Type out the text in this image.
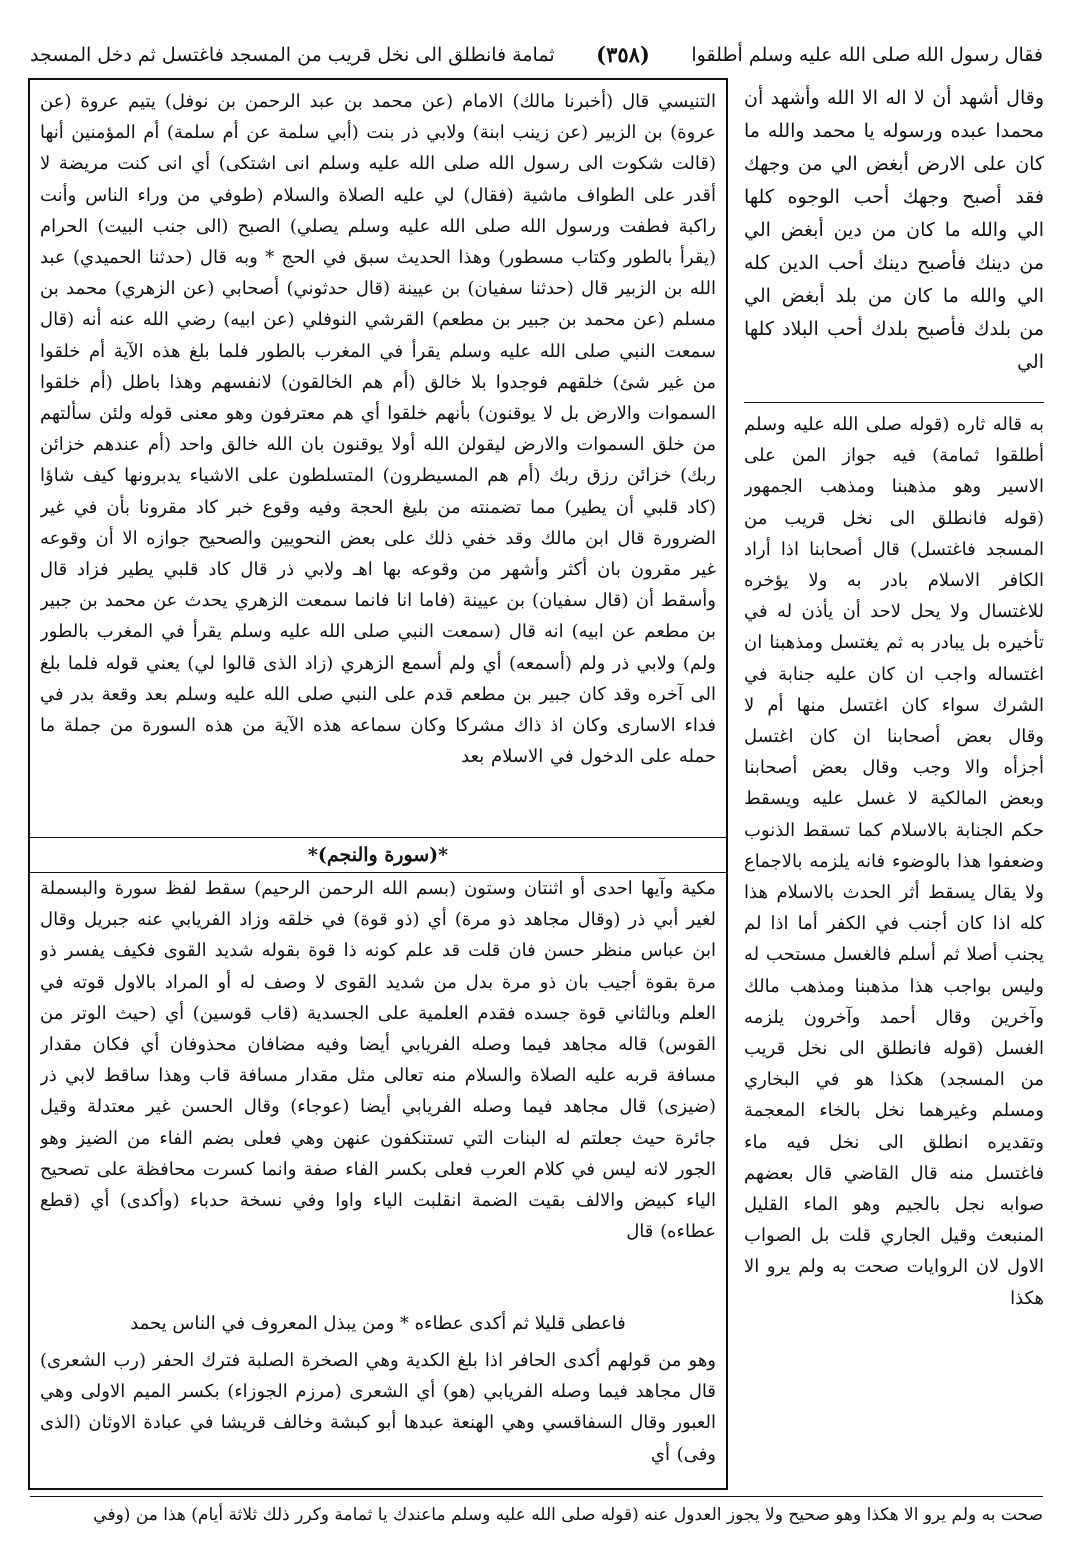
فقال رسول الله صلى الله عليه وسلم أطلقوا
(٣٥٨)
ثمامة فانطلق الى نخل قريب من المسجد فاغتسل ثم دخل المسجد
وقال أشهد أن لا اله الا الله وأشهد أن محمدا عبده ورسوله يا محمد والله ما كان على الارض أبغض الي من وجهك فقد أصبح وجهك أحب الوجوه كلها الي والله ما كان من دين أبغض الي من دينك فأصبح دينك أحب الدين كله الي والله ما كان من بلد أبغض الي من بلدك فأصبح بلدك أحب البلاد كلها الي
به قاله ثاره (قوله صلى الله عليه وسلم أطلقوا ثمامة) فيه جواز المن على الاسير وهو مذهبنا ومذهب الجمهور (قوله فانطلق الى نخل قريب من المسجد فاغتسل) قال أصحابنا اذا أراد الكافر الاسلام بادر به ولا يؤخره للاغتسال ولا يحل لاحد أن يأذن له في تأخيره بل يبادر به ثم يغتسل ومذهبنا ان اغتساله واجب ان كان عليه جنابة في الشرك سواء كان اغتسل منها أم لا وقال بعض أصحابنا ان كان اغتسل أجزأه والا وجب وقال بعض أصحابنا وبعض المالكية لا غسل عليه ويسقط حكم الجنابة بالاسلام كما تسقط الذنوب وضعفوا هذا بالوضوء فانه يلزمه بالاجماع ولا يقال يسقط أثر الحدث بالاسلام هذا كله اذا كان أجنب في الكفر أما اذا لم يجنب أصلا ثم أسلم فالغسل مستحب له وليس بواجب هذا مذهبنا ومذهب مالك وآخرين وقال أحمد وآخرون يلزمه الغسل (قوله فانطلق الى نخل قريب من المسجد) هكذا هو في البخاري ومسلم وغيرهما نخل بالخاء المعجمة وتقديره انطلق الى نخل فيه ماء فاغتسل منه قال القاضي قال بعضهم صوابه نجل بالجيم وهو الماء القليل المنبعث وقيل الجاري قلت بل الصواب الاول لان الروايات صحت به ولم يرو الا هكذا
التنيسي قال (أخبرنا مالك) الامام (عن محمد بن عبد الرحمن بن نوفل) يتيم عروة (عن عروة) بن الزبير (عن زينب ابنة) ولابي ذر بنت (أبي سلمة عن أم سلمة) أم المؤمنين أنها (قالت شكوت الى رسول الله صلى الله عليه وسلم انى اشتكى) أي انى كنت مريضة لا أقدر على الطواف ماشية (فقال) لي عليه الصلاة والسلام (طوفي من وراء الناس وأنت راكبة فطفت ورسول الله صلى الله عليه وسلم يصلي) الصبح (الى جنب البيت) الحرام (يقرأ بالطور وكتاب مسطور) وهذا الحديث سبق في الحج * وبه قال (حدثنا الحميدي) عبد الله بن الزبير قال (حدثنا سفيان) بن عيينة (قال حدثوني) أصحابي (عن الزهري) محمد بن مسلم (عن محمد بن جبير بن مطعم) القرشي النوفلي (عن ابيه) رضي الله عنه أنه (قال سمعت النبي صلى الله عليه وسلم يقرأ في المغرب بالطور فلما بلغ هذه الآية أم خلقوا من غير شئ) خلقهم فوجدوا بلا خالق (أم هم الخالقون) لانفسهم وهذا باطل (أم خلقوا السموات والارض بل لا يوقنون) بأنهم خلقوا أي هم معترفون وهو معنى قوله ولئن سألتهم من خلق السموات والارض ليقولن الله أولا يوقنون بان الله خالق واحد (أم عندهم خزائن ربك) خزائن رزق ربك (أم هم المسيطرون) المتسلطون على الاشياء يدبرونها كيف شاؤا (كاد قلبي أن يطير) مما تضمنته من بليغ الحجة وفيه وقوع خبر كاد مقرونا بأن في غير الضرورة قال ابن مالك وقد خفي ذلك على بعض النحويين والصحيح جوازه الا أن وقوعه غير مقرون بان أكثر وأشهر من وقوعه بها اهـ ولابي ذر قال كاد قلبي يطير فزاد قال وأسقط أن (قال سفيان) بن عيينة (فاما انا فانما سمعت الزهري يحدث عن محمد بن جبير بن مطعم عن ابيه) انه قال (سمعت النبي صلى الله عليه وسلم يقرأ في المغرب بالطور ولم) ولابي ذر ولم (أسمعه) أي ولم أسمع الزهري (زاد الذى قالوا لي) يعني قوله فلما بلغ الى آخره وقد كان جبير بن مطعم قدم على النبي صلى الله عليه وسلم بعد وقعة بدر في فداء الاسارى وكان اذ ذاك مشركا وكان سماعه هذه الآية من هذه السورة من جملة ما حمله على الدخول في الاسلام بعد
*(سورة والنجم)*
مكية وآيها احدى أو اثنتان وستون (بسم الله الرحمن الرحيم) سقط لفظ سورة والبسملة لغير أبي ذر (وقال مجاهد ذو مرة) أي (ذو قوة) في خلقه وزاد الفريابي عنه جبريل وقال ابن عباس منظر حسن فان قلت قد علم كونه ذا قوة بقوله شديد القوى فكيف يفسر ذو مرة بقوة أجيب بان ذو مرة بدل من شديد القوى لا وصف له أو المراد بالاول قوته في العلم وبالثاني قوة جسده فقدم العلمية على الجسدية (قاب قوسين) أي (حيث الوتر من القوس) قاله مجاهد فيما وصله الفريابي أيضا وفيه مضافان محذوفان أي فكان مقدار مسافة قربه عليه الصلاة والسلام منه تعالى مثل مقدار مسافة قاب وهذا ساقط لابي ذر (ضيزى) قال مجاهد فيما وصله الفريابي أيضا (عوجاء) وقال الحسن غير معتدلة وقيل جائرة حيث جعلتم له البنات التي تستنكفون عنهن وهي فعلى بضم الفاء من الضيز وهو الجور لانه ليس في كلام العرب فعلى بكسر الفاء صفة وانما كسرت محافظة على تصحيح الياء كبيض والالف بقيت الضمة انقلبت الياء واوا وفي نسخة حدباء (وأكدى) أي (قطع عطاءه) قال
فاعطى قليلا ثم أكدى عطاءه * ومن يبذل المعروف في الناس يحمد
وهو من قولهم أكدى الحافر اذا بلغ الكدية وهي الصخرة الصلبة فترك الحفر (رب الشعرى) قال مجاهد فيما وصله الفريابي (هو) أي الشعرى (مرزم الجوزاء) بكسر الميم الاولى وهي العبور وقال السفاقسي وهي الهنعة عبدها أبو كبشة وخالف قريشا في عبادة الاوثان (الذى وفى) أي
صحت به ولم يرو الا هكذا وهو صحيح ولا يجوز العدول عنه (قوله صلى الله عليه وسلم ماعندك يا ثمامة وكرر ذلك ثلاثة أيام) هذا من (وفي
